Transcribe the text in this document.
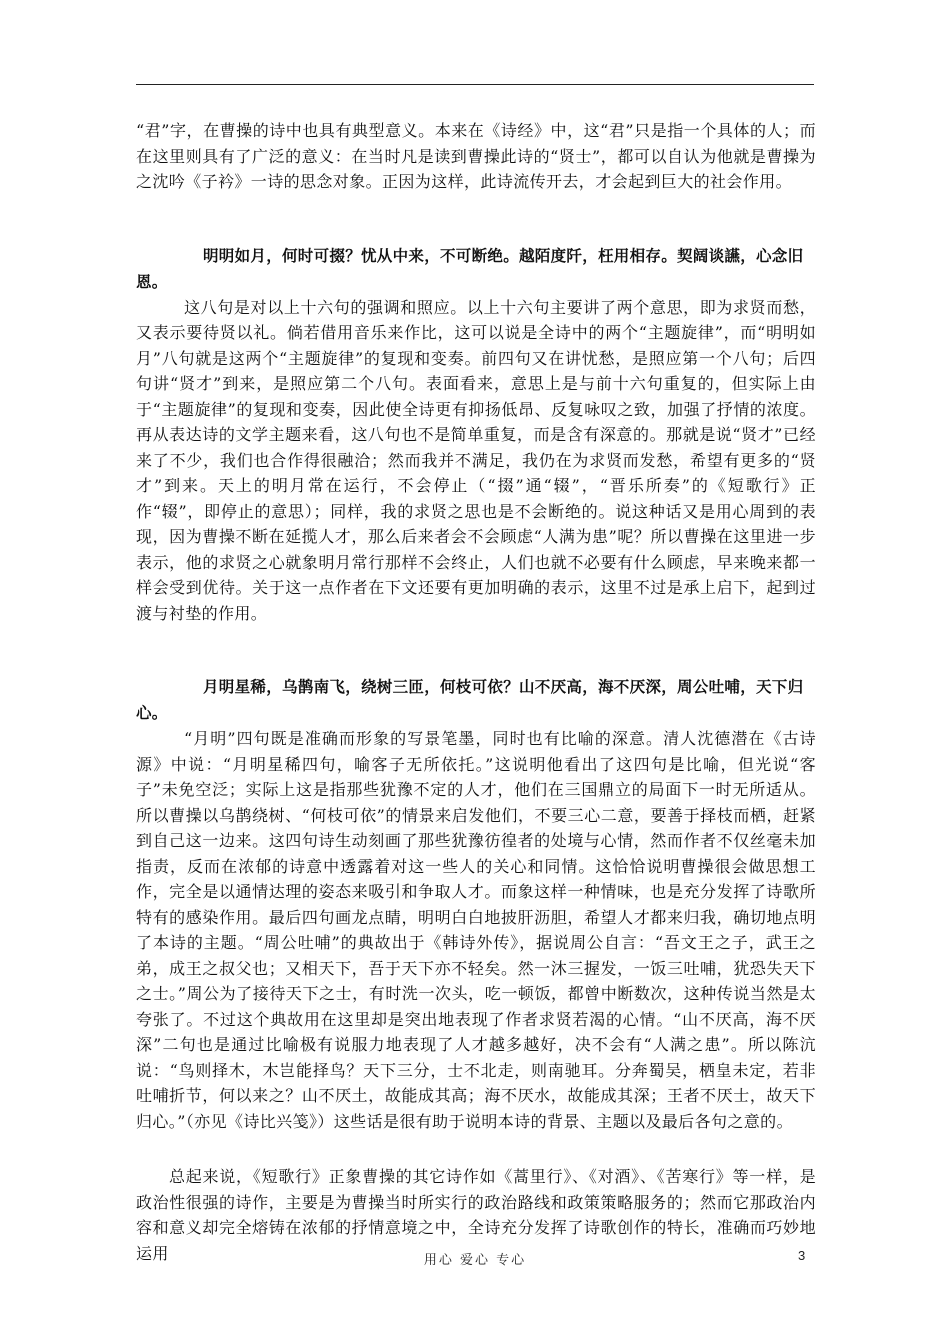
“君”字，在曹操的诗中也具有典型意义。本来在《诗经》中，这“君”只是指一个具体的人；而在这里则具有了广泛的意义：在当时凡是读到曹操此诗的“贤士”，都可以自认为他就是曹操为之沈吟《子衿》一诗的思念对象。正因为这样，此诗流传开去，才会起到巨大的社会作用。

明明如月，何时可掇？忧从中来，不可断绝。越陌度阡，枉用相存。契阔谈讌，心念旧恩。

这八句是对以上十六句的强调和照应。以上十六句主要讲了两个意思，即为求贤而愁，又表示要待贤以礼。倘若借用音乐来作比，这可以说是全诗中的两个“主题旋律”，而“明明如月”八句就是这两个“主题旋律”的复现和变奏。前四句又在讲忧愁，是照应第一个八句；后四句讲“贤才”到来，是照应第二个八句。表面看来，意思上是与前十六句重复的，但实际上由于“主题旋律”的复现和变奏，因此使全诗更有抑扬低昂、反复咏叹之致，加强了抒情的浓度。再从表达诗的文学主题来看，这八句也不是简单重复，而是含有深意的。那就是说“贤才”已经来了不少，我们也合作得很融洽；然而我并不满足，我仍在为求贤而发愁，希望有更多的“贤才”到来。天上的明月常在运行，不会停止（“掇”通“辍”，“晋乐所奏”的《短歌行》正作“辍”，即停止的意思）；同样，我的求贤之思也是不会断绝的。说这种话又是用心周到的表现，因为曹操不断在延揽人才，那么后来者会不会顾虑“人满为患”呢？所以曹操在这里进一步表示，他的求贤之心就象明月常行那样不会终止，人们也就不必要有什么顾虑，早来晚来都一样会受到优待。关于这一点作者在下文还要有更加明确的表示，这里不过是承上启下，起到过渡与衬垫的作用。

月明星稀，乌鹊南飞，绕树三匝，何枝可依？山不厌高，海不厌深，周公吐哺，天下归心。

“月明”四句既是准确而形象的写景笔墨，同时也有比喻的深意。清人沈德潜在《古诗源》中说：“月明星稀四句，喻客子无所依托。”这说明他看出了这四句是比喻，但光说“客子”未免空泛；实际上这是指那些犹豫不定的人才，他们在三国鼎立的局面下一时无所适从。所以曹操以乌鹊绕树、“何枝可依”的情景来启发他们，不要三心二意，要善于择枝而栖，赶紧到自己这一边来。这四句诗生动刻画了那些犹豫彷徨者的处境与心情，然而作者不仅丝毫未加指责，反而在浓郁的诗意中透露着对这一些人的关心和同情。这恰恰说明曹操很会做思想工作，完全是以通情达理的姿态来吸引和争取人才。而象这样一种情味，也是充分发挥了诗歌所特有的感染作用。最后四句画龙点睛，明明白白地披肝沥胆，希望人才都来归我，确切地点明了本诗的主题。“周公吐哺”的典故出于《韩诗外传》，据说周公自言：“吾文王之子，武王之弟，成王之叔父也；又相天下，吾于天下亦不轻矣。然一沐三握发，一饭三吐哺，犹恐失天下之士。”周公为了接待天下之士，有时洗一次头，吃一顿饭，都曾中断数次，这种传说当然是太夸张了。不过这个典故用在这里却是突出地表现了作者求贤若渴的心情。“山不厌高，海不厌深”二句也是通过比喻极有说服力地表现了人才越多越好，决不会有“人满之患”。所以陈沆说：“鸟则择木，木岂能择鸟？天下三分，士不北走，则南驰耳。分奔蜀吴，栖皇未定，若非吐哺折节，何以来之？山不厌土，故能成其高；海不厌水，故能成其深；王者不厌士，故天下归心。”（亦见《诗比兴笺》）这些话是很有助于说明本诗的背景、主题以及最后各句之意的。

总起来说，《短歌行》正象曹操的其它诗作如《蒿里行》、《对酒》、《苦寒行》等一样，是政治性很强的诗作，主要是为曹操当时所实行的政治路线和政策策略服务的；然而它那政治内容和意义却完全熔铸在浓郁的抒情意境之中，全诗充分发挥了诗歌创作的特长，准确而巧妙地运用	用心 爱心 专心	3
